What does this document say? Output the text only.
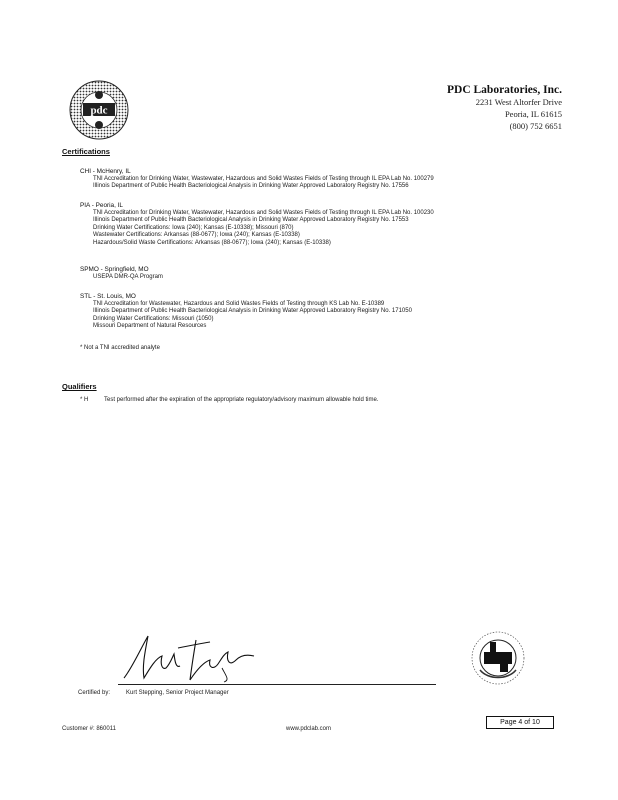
pdc
PDC Laboratories, Inc.
2231 West Altorfer Drive
Peoria, IL 61615
(800) 752 6651
Certifications
CHI - McHenry, IL
TNI Accreditation for Drinking Water, Wastewater, Hazardous and Solid Wastes Fields of Testing through IL EPA Lab No. 100279
Illinois Department of Public Health Bacteriological Analysis in Drinking Water Approved Laboratory Registry No. 17556
PIA - Peoria, IL
TNI Accreditation for Drinking Water, Wastewater, Hazardous and Solid Wastes Fields of Testing through IL EPA Lab No. 100230
Illinois Department of Public Health Bacteriological Analysis in Drinking Water Approved Laboratory Registry No. 17553
Drinking Water Certifications: Iowa (240); Kansas (E-10338); Missouri (870)
Wastewater Certifications: Arkansas (88-0677); Iowa (240); Kansas (E-10338)
Hazardous/Solid Waste Certifications: Arkansas (88-0677); Iowa (240); Kansas (E-10338)
SPMO - Springfield, MO
USEPA DMR-QA Program
STL - St. Louis, MO
TNI Accreditation for Wastewater, Hazardous and Solid Wastes Fields of Testing through KS Lab No. E-10389
Illinois Department of Public Health Bacteriological Analysis in Drinking Water Approved Laboratory Registry No. 171050
Drinking Water Certifications: Missouri (1050)
Missouri Department of Natural Resources
* Not a TNI accredited analyte
Qualifiers
* H	Test performed after the expiration of the appropriate regulatory/advisory maximum allowable hold time.
Certified by:	Kurt Stepping, Senior Project Manager
Customer #: 860011	www.pdclab.com
Page 4 of 10
